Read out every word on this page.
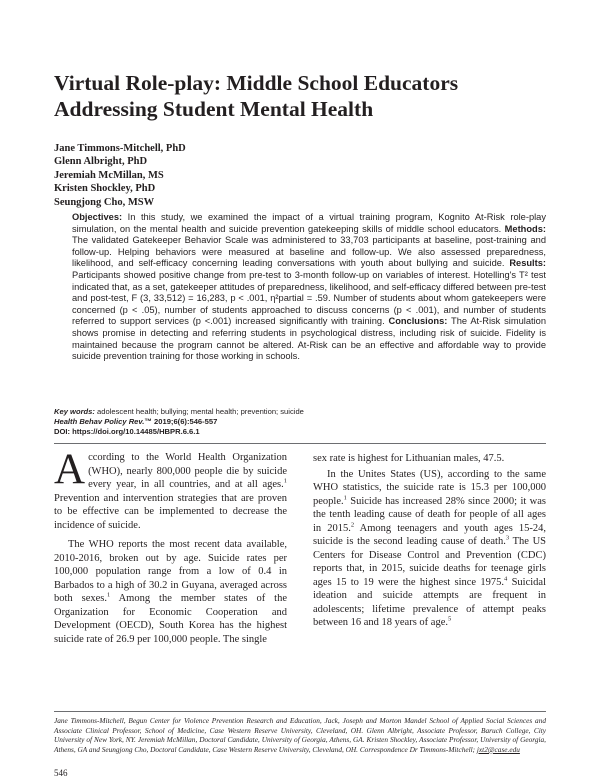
Virtual Role-play: Middle School Educators
Addressing Student Mental Health
Jane Timmons-Mitchell, PhD
Glenn Albright, PhD
Jeremiah McMillan, MS
Kristen Shockley, PhD
Seungjong Cho, MSW
Objectives: In this study, we examined the impact of a virtual training program, Kognito At-Risk role-play simulation, on the mental health and suicide prevention gatekeeping skills of middle school educators. Methods: The validated Gatekeeper Behavior Scale was administered to 33,703 participants at baseline, post-training and follow-up. Helping behaviors were measured at baseline and follow-up. We also assessed preparedness, likelihood, and self-efficacy concerning leading conversations with youth about bullying and suicide. Results: Participants showed positive change from pre-test to 3-month follow-up on variables of interest. Hotelling's T² test indicated that, as a set, gatekeeper attitudes of preparedness, likelihood, and self-efficacy differed between pre-test and post-test, F (3, 33,512) = 16,283, p < .001, η²partial = .59. Number of students about whom gatekeepers were concerned (p < .05), number of students approached to discuss concerns (p < .001), and number of students referred to support services (p <.001) increased significantly with training. Conclusions: The At-Risk simulation shows promise in detecting and referring students in psychological distress, including risk of suicide. Fidelity is maintained because the program cannot be altered. At-Risk can be an effective and affordable way to provide suicide prevention training for those working in schools.
Key words: adolescent health; bullying; mental health; prevention; suicide
Health Behav Policy Rev.™ 2019;6(6):546-557
DOI: https://doi.org/10.14485/HBPR.6.6.1

According to the World Health Organization (WHO), nearly 800,000 people die by suicide every year, in all countries, and at all ages.$^1$ Prevention and intervention strategies that are proven to be effective can be implemented to decrease the incidence of suicide.

The WHO reports the most recent data available, 2010-2016, broken out by age. Suicide rates per 100,000 population range from a low of 0.4 in Barbados to a high of 30.2 in Guyana, averaged across both sexes.$^1$ Among the member states of the Organization for Economic Cooperation and Development (OECD), South Korea has the highest suicide rate of 26.9 per 100,000 people. The single

sex rate is highest for Lithuanian males, 47.5.

In the Unites States (US), according to the same WHO statistics, the suicide rate is 15.3 per 100,000 people.$^1$ Suicide has increased 28% since 2000; it was the tenth leading cause of death for people of all ages in 2015.$^2$ Among teenagers and youth ages 15-24, suicide is the second leading cause of death.$^3$ The US Centers for Disease Control and Prevention (CDC) reports that, in 2015, suicide deaths for teenage girls ages 15 to 19 were the highest since 1975.$^4$ Suicidal ideation and suicide attempts are frequent in adolescents; lifetime prevalence of attempt peaks between 16 and 18 years of age.$^5$

Jane Timmons-Mitchell, Begun Center for Violence Prevention Research and Education, Jack, Joseph and Morton Mandel School of Applied Social Sciences and Associate Clinical Professor, School of Medicine, Case Western Reserve University, Cleveland, OH. Glenn Albright, Associate Professor, Baruch College, City University of New York, NY. Jeremiah McMillan, Doctoral Candidate, University of Georgia, Athens, GA. Kristen Shockley, Associate Professor, University of Georgia, Athens, GA and Seungjong Cho, Doctoral Candidate, Case Western Reserve University, Cleveland, OH. Correspondence Dr Timmons-Mitchell; jxt2@case.edu
546
